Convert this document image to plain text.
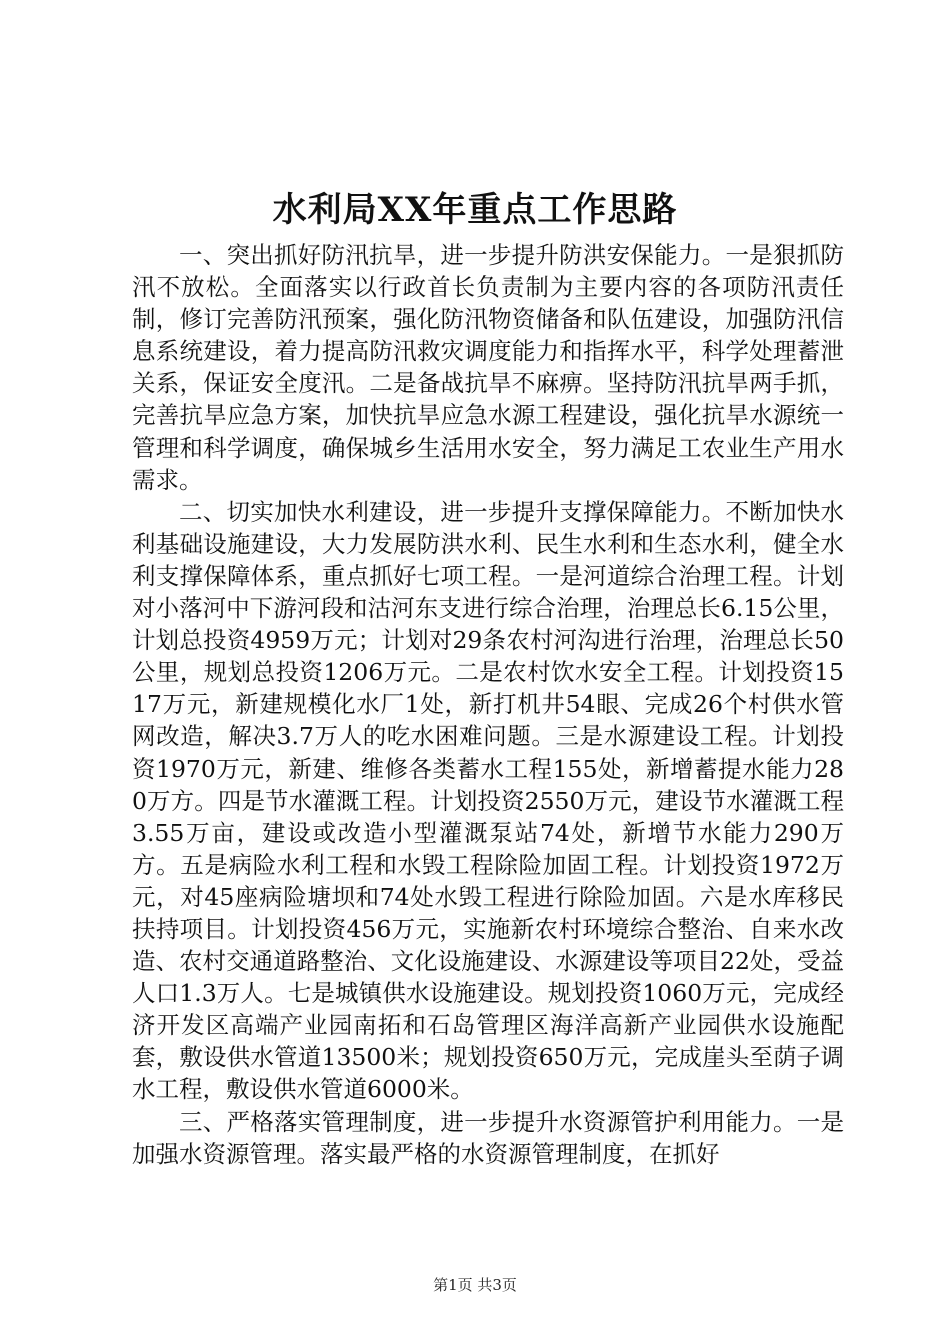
水利局XX年重点工作思路

一、突出抓好防汛抗旱，进一步提升防洪安保能力。一是狠抓防汛不放松。全面落实以行政首长负责制为主要内容的各项防汛责任制，修订完善防汛预案，强化防汛物资储备和队伍建设，加强防汛信息系统建设，着力提高防汛救灾调度能力和指挥水平，科学处理蓄泄关系，保证安全度汛。二是备战抗旱不麻痹。坚持防汛抗旱两手抓，完善抗旱应急方案，加快抗旱应急水源工程建设，强化抗旱水源统一管理和科学调度，确保城乡生活用水安全，努力满足工农业生产用水需求。

二、切实加快水利建设，进一步提升支撑保障能力。不断加快水利基础设施建设，大力发展防洪水利、民生水利和生态水利，健全水利支撑保障体系，重点抓好七项工程。一是河道综合治理工程。计划对小落河中下游河段和沽河东支进行综合治理，治理总长6.15公里，计划总投资4959万元；计划对29条农村河沟进行治理，治理总长50公里，规划总投资1206万元。二是农村饮水安全工程。计划投资1517万元，新建规模化水厂1处，新打机井54眼、完成26个村供水管网改造，解决3.7万人的吃水困难问题。三是水源建设工程。计划投资1970万元，新建、维修各类蓄水工程155处，新增蓄提水能力280万方。四是节水灌溉工程。计划投资2550万元，建设节水灌溉工程3.55万亩，建设或改造小型灌溉泵站74处，新增节水能力290万方。五是病险水利工程和水毁工程除险加固工程。计划投资1972万元，对45座病险塘坝和74处水毁工程进行除险加固。六是水库移民扶持项目。计划投资456万元，实施新农村环境综合整治、自来水改造、农村交通道路整治、文化设施建设、水源建设等项目22处，受益人口1.3万人。七是城镇供水设施建设。规划投资1060万元，完成经济开发区高端产业园南拓和石岛管理区海洋高新产业园供水设施配套，敷设供水管道13500米；规划投资650万元，完成崖头至荫子调水工程，敷设供水管道6000米。

三、严格落实管理制度，进一步提升水资源管护利用能力。一是加强水资源管理。落实最严格的水资源管理制度，在抓好

第1页 共3页
